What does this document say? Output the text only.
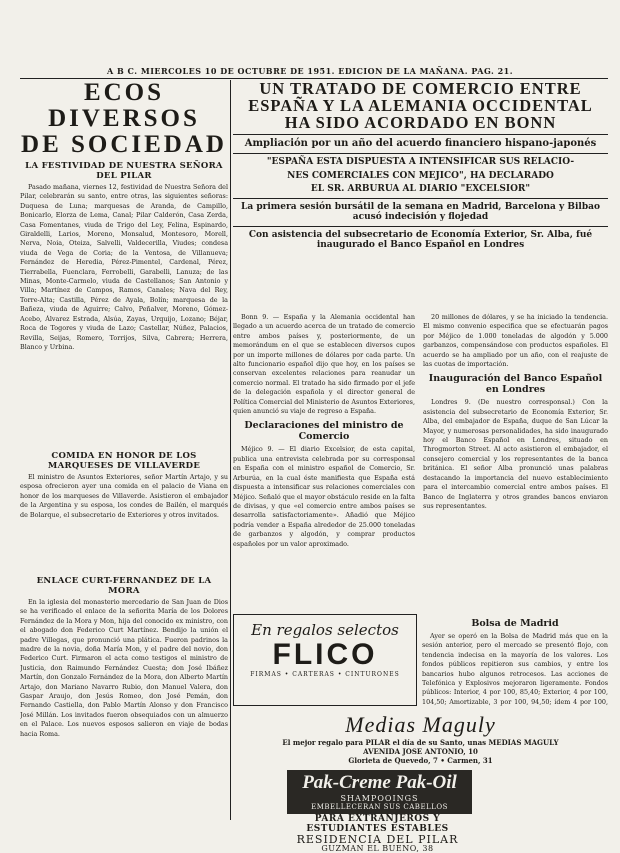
A B C. MIERCOLES 10 DE OCTUBRE DE 1951. EDICION DE LA MAÑANA. PAG. 21.
ECOS DIVERSOS
DE SOCIEDAD
LA FESTIVIDAD DE NUESTRA SEÑORA DEL PILAR

Pasado mañana, viernes 12, festividad de Nuestra Señora del Pilar, celebrarán su santo, entre otras, las siguientes señoras: Duquesa de Luna; marquesas de Aranda, de Campillo, Bonicarlo, Elorza de Lema, Canal; Pilar Calderón, Casa Zerda, Casa Fomentanes, viuda de Trigo del Ley, Felina, Espinardo, Giraldelli, Larios, Moreno, Monsalud, Montesoro, Morell, Nerva, Noia, Oteiza, Salvelli, Valdecerilla, Viudes; condesa viuda de Vega de Coria; de la Ventosa, de Villanueva; Fernández de Heredia, Pérez-Pimentel, Cardenal, Pérez, Tierrabella, Fuenclara, Ferrobelli, Garabelli, Lanuza; de las Minas, Monte-Carmelo, viuda de Castellanos; San Antonio y Villa; Martínez de Campos, Ramos, Canales; Nava del Rey, Torre-Alta; Castilla, Pérez de Ayala, Bolín; marquesa de la Bañeza, viuda de Aguirre; Calvo, Peñalver, Moreno, Gómez-Acebo, Álvarez Estrada, Alsúa, Zayas, Urquijo, Lozano; Béjar, Roca de Togores y viuda de Lazo; Castellar, Núñez, Palacios, Revilla, Seijas, Romero, Torrijos, Silva, Cabrera; Herrera, Blanco y Urbina.

COMIDA EN HONOR DE LOS MARQUESES DE VILLAVERDE

El ministro de Asuntos Exteriores, señor Martín Artajo, y su esposa ofrecieron ayer una comida en el palacio de Viana en honor de los marqueses de Villaverde. Asistieron el embajador de la Argentina y su esposa, los condes de Bailén, el marqués de Bolarque, el subsecretario de Exteriores y otros invitados.

ENLACE CURT-FERNANDEZ DE LA MORA

En la iglesia del monasterio mercedario de San Juan de Dios se ha verificado el enlace de la señorita María de los Dolores Fernández de la Mora y Mon, hija del conocido ex ministro, con el abogado don Federico Curt Martínez. Bendijo la unión el padre Villegas, que pronunció una plática. Fueron padrinos la madre de la novia, doña María Mon, y el padre del novio, don Federico Curt. Firmaron el acta como testigos el ministro de Justicia, don Raimundo Fernández Cuesta; don José Ibáñez Martín, don Gonzalo Fernández de la Mora, don Alberto Martín Artajo, don Mariano Navarro Rubio, don Manuel Valera, don Gaspar Araujo, don Jesús Romeo, don José Pemán, don Fernando Castiella, don Pablo Martín Alonso y don Francisco José Millán. Los invitados fueron obsequiados con un almuerzo en el Palace. Los nuevos esposos salieron en viaje de bodas hacia Roma.

UN TRATADO DE COMERCIO ENTRE
ESPAÑA Y LA ALEMANIA OCCIDENTAL
HA SIDO ACORDADO EN BONN
Ampliación por un año del acuerdo financiero hispano-japonés
"ESPAÑA ESTA DISPUESTA A INTENSIFICAR SUS RELACIO-
NES COMERCIALES CON MEJICO", HA DECLARADO
EL SR. ARBURUA AL DIARIO "EXCELSIOR"
La primera sesión bursátil de la semana en Madrid, Barcelona y Bilbao acusó indecisión y flojedad
Con asistencia del subsecretario de Economía Exterior, Sr. Alba, fué inaugurado el Banco Español en Londres

Bonn 9. — España y la Alemania occidental han llegado a un acuerdo acerca de un tratado de comercio entre ambos países y, posteriormente, de un memorándum en el que se establecen diversos cupos por un importe millones de dólares por cada parte. Un alto funcionario español dijo que hoy, en los países se conservan excelentes relaciones para reanudar un comercio normal. El tratado ha sido firmado por el jefe de la delegación española y el director general de Política Comercial del Ministerio de Asuntos Exteriores, quien anunció su viaje de regreso a España.

Declaraciones del ministro de Comercio

Méjico 9. — El diario Excelsior, de esta capital, publica una entrevista celebrada por su corresponsal en España con el ministro español de Comercio, Sr. Arburúa, en la cual éste manifiesta que España está dispuesta a intensificar sus relaciones comerciales con Méjico. Señaló que el mayor obstáculo reside en la falta de divisas, y que «el comercio entre ambos países se desarrolla satisfactoriamente». Añadió que Méjico podría vender a España alrededor de 25.000 toneladas de garbanzos y algodón, y comprar productos españoles por un valor aproximado.

20 millones de dólares, y se ha iniciado la tendencia. El mismo convenio especifica que se efectuarán pagos por Méjico de 1.000 toneladas de algodón y 5.000 garbanzos, compensándose con productos españoles. El acuerdo se ha ampliado por un año, con el reajuste de las cuotas de importación.

Inauguración del Banco Español en Londres

Londres 9. (De nuestro corresponsal.) Con la asistencia del subsecretario de Economía Exterior, Sr. Alba, del embajador de España, duque de San Lúcar la Mayor, y numerosas personalidades, ha sido inaugurado hoy el Banco Español en Londres, situado en Throgmorton Street. Al acto asistieron el embajador, el consejero comercial y los representantes de la banca británica. El señor Alba pronunció unas palabras destacando la importancia del nuevo establecimiento para el intercambio comercial entre ambos países. El Banco de Inglaterra y otros grandes bancos enviaron sus representantes.

Bolsa de Madrid

Ayer se operó en la Bolsa de Madrid más que en la sesión anterior, pero el mercado se presentó flojo, con tendencia indecisa en la mayoría de los valores. Los fondos públicos repitieron sus cambios, y entre los bancarios hubo algunos retrocesos. Las acciones de Telefónica y Explosivos mejoraron ligeramente. Fondos públicos: Interior, 4 por 100, 85,40; Exterior, 4 por 100, 104,50; Amortizable, 3 por 100, 94,50; ídem 4 por 100,

En regalos selectos
FLICO
FIRMAS • CARTERAS • CINTURONES
Medias Maguly
El mejor regalo para PILAR el día de su Santo, unas MEDIAS MAGULY
AVENIDA JOSE ANTONIO, 10
Glorieta de Quevedo, 7 • Carmen, 31
Pak-Creme Pak-Oil
SHAMPOOINGS
EMBELLECERAN SUS CABELLOS
PARA EXTRANJEROS Y ESTUDIANTES ESTABLES
RESIDENCIA DEL PILAR
GUZMAN EL BUENO, 38
